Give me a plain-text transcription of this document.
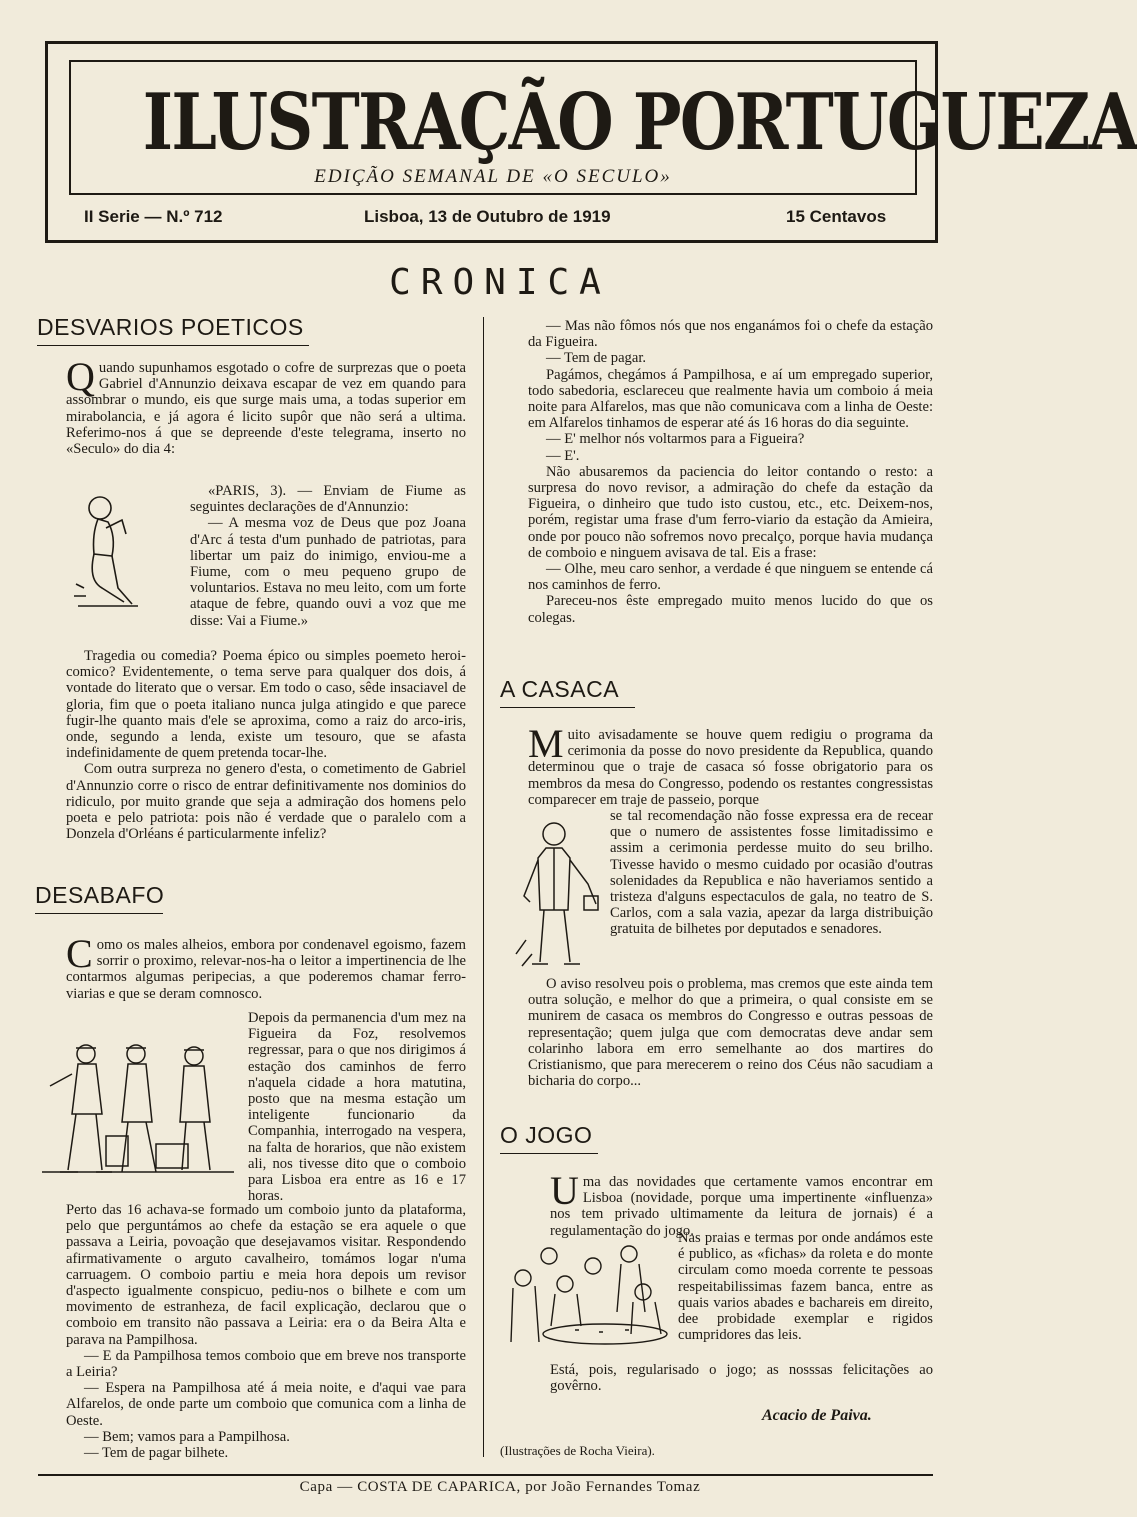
ILUSTRAÇÃO PORTUGUEZA
EDIÇÃO SEMANAL DE «O SECULO»
II Serie — N.º 712	Lisboa, 13 de Outubro de 1919	15 Centavos
CRONICA
DESVARIOS POETICOS

Quando supunhamos esgotado o cofre de surprezas que o poeta Gabriel d'Annunzio deixava escapar de vez em quando para assombrar o mundo, eis que surge mais uma, a todas superior em mirabolancia, e já agora é licito supôr que não será a ultima. Referimo-nos á que se depreende d'este telegrama, inserto no «Seculo» do dia 4:

«PARIS, 3). — Enviam de Fiume as seguintes declarações de d'Annunzio:

— A mesma voz de Deus que poz Joana d'Arc á testa d'um punhado de patriotas, para libertar um paiz do inimigo, enviou-me a Fiume, com o meu pequeno grupo de voluntarios. Estava no meu leito, com um forte ataque de febre, quando ouvi a voz que me disse: Vai a Fiume.»

Tragedia ou comedia? Poema épico ou simples poemeto heroi-comico? Evidentemente, o tema serve para qualquer dos dois, á vontade do literato que o versar. Em todo o caso, sêde insaciavel de gloria, fim que o poeta italiano nunca julga atingido e que parece fugir-lhe quanto mais d'ele se aproxima, como a raiz do arco-iris, onde, segundo a lenda, existe um tesouro, que se afasta indefinidamente de quem pretenda tocar-lhe.

Com outra surpreza no genero d'esta, o cometimento de Gabriel d'Annunzio corre o risco de entrar definitivamente nos dominios do ridiculo, por muito grande que seja a admiração dos homens pelo poeta e pelo patriota: pois não é verdade que o paralelo com a Donzela d'Orléans é particularmente infeliz?

DESABAFO

Como os males alheios, embora por condenavel egoismo, fazem sorrir o proximo, relevar-nos-ha o leitor a impertinencia de lhe contarmos algumas peripecias, a que poderemos chamar ferro-viarias e que se deram comnosco.

Depois da permanencia d'um mez na Figueira da Foz, resolvemos regressar, para o que nos dirigimos á estação dos caminhos de ferro n'aquela cidade a hora matutina, posto que na mesma estação um inteligente funcionario da Companhia, interrogado na vespera, na falta de horarios, que não existem ali, nos tivesse dito que o comboio para Lisboa era entre as 16 e 17 horas.

Perto das 16 achava-se formado um comboio junto da plataforma, pelo que perguntámos ao chefe da estação se era aquele o que passava a Leiria, povoação que desejavamos visitar. Respondendo afirmativamente o arguto cavalheiro, tomámos logar n'uma carruagem. O comboio partiu e meia hora depois um revisor d'aspecto igualmente conspicuo, pediu-nos o bilhete e com um movimento de estranheza, de facil explicação, declarou que o comboio em transito não passava a Leiria: era o da Beira Alta e parava na Pampilhosa.

— E da Pampilhosa temos comboio que em breve nos transporte a Leiria?

— Espera na Pampilhosa até á meia noite, e d'aqui vae para Alfarelos, de onde parte um comboio que comunica com a linha de Oeste.

— Bem; vamos para a Pampilhosa.

— Tem de pagar bilhete.

— Mas não fômos nós que nos enganámos foi o chefe da estação da Figueira.

— Tem de pagar.

Pagámos, chegámos á Pampilhosa, e aí um empregado superior, todo sabedoria, esclareceu que realmente havia um comboio á meia noite para Alfarelos, mas que não comunicava com a linha de Oeste: em Alfarelos tinhamos de esperar até ás 16 horas do dia seguinte.

— E' melhor nós voltarmos para a Figueira?

— E'.

Não abusaremos da paciencia do leitor contando o resto: a surpresa do novo revisor, a admiração do chefe da estação da Figueira, o dinheiro que tudo isto custou, etc., etc. Deixem-nos, porém, registar uma frase d'um ferro-viario da estação da Amieira, onde por pouco não sofremos novo precalço, porque havia mudança de comboio e ninguem avisava de tal. Eis a frase:

— Olhe, meu caro senhor, a verdade é que ninguem se entende cá nos caminhos de ferro.

Pareceu-nos êste empregado muito menos lucido do que os colegas.

A CASACA

Muito avisadamente se houve quem redigiu o programa da cerimonia da posse do novo presidente da Republica, quando determinou que o traje de casaca só fosse obrigatorio para os membros da mesa do Congresso, podendo os restantes congressistas comparecer em traje de passeio, porque

se tal recomendação não fosse expressa era de recear que o numero de assistentes fosse limitadissimo e assim a cerimonia perdesse muito do seu brilho. Tivesse havido o mesmo cuidado por ocasião d'outras solenidades da Republica e não haveriamos sentido a tristeza d'alguns espectaculos de gala, no teatro de S. Carlos, com a sala vazia, apezar da larga distribuição gratuita de bilhetes por deputados e senadores.

O aviso resolveu pois o problema, mas cremos que este ainda tem outra solução, e melhor do que a primeira, o qual consiste em se munirem de casaca os membros do Congresso e outras pessoas de representação; quem julga que com democratas deve andar sem colarinho labora em erro semelhante ao dos martires do Cristianismo, que para merecerem o reino dos Céus não sacudiam a bicharia do corpo...

O JOGO

Uma das novidades que certamente vamos encontrar em Lisboa (novidade, porque uma impertinente «influenza» nos tem privado ultimamente da leitura de jornais) é a regulamentação do jogo.

Nas praias e termas por onde andámos este é publico, as «fichas» da roleta e do monte circulam como moeda corrente te pessoas respeitabilissimas fazem banca, entre as quais varios abades e bachareis em direito, dee probidade exemplar e rigidos cumpridores das leis.

Está, pois, regularisado o jogo; as nosssas felicitações ao govêrno.

Acacio de Paiva.
(Ilustrações de Rocha Vieira).
Capa — COSTA DE CAPARICA, por João Fernandes Tomaz
